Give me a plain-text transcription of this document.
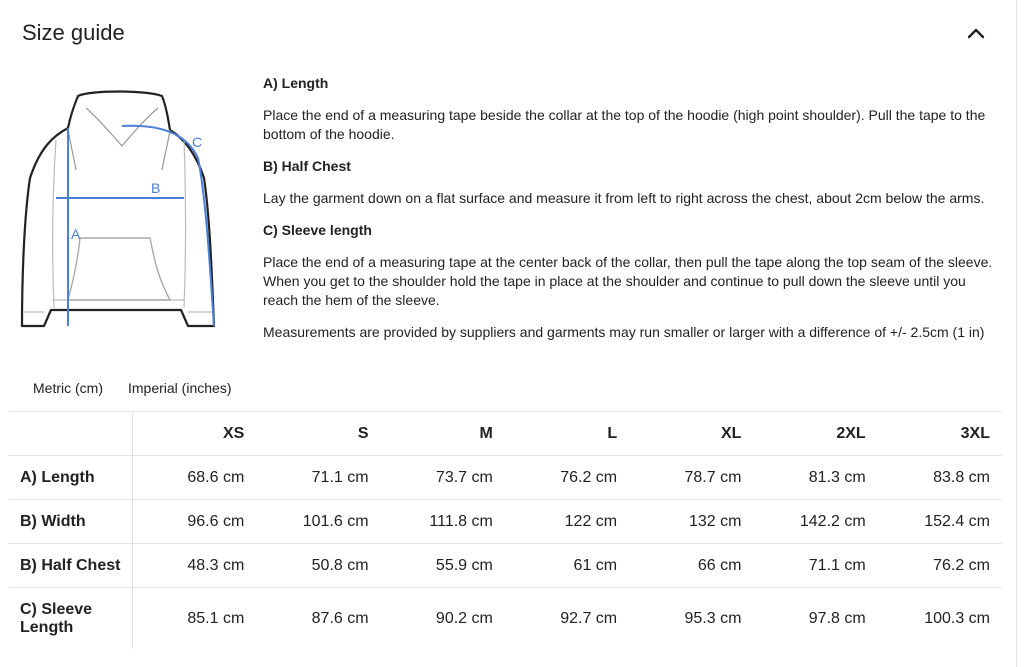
Size guide
A
B
C
A) Length
Place the end of a measuring tape beside the collar at the top of the hoodie (high point shoulder). Pull the tape to the bottom of the hoodie.
B) Half Chest
Lay the garment down on a flat surface and measure it from left to right across the chest, about 2cm below the arms.
C) Sleeve length
Place the end of a measuring tape at the center back of the collar, then pull the tape along the top seam of the sleeve. When you get to the shoulder hold the tape in place at the shoulder and continue to pull down the sleeve until you reach the hem of the sleeve.
Measurements are provided by suppliers and garments may run smaller or larger with a difference of +/- 2.5cm (1 in)
Metric (cm) Imperial (inches)
	XS	S	M	L	XL	2XL	3XL
A) Length	68.6 cm	71.1 cm	73.7 cm	76.2 cm	78.7 cm	81.3 cm	83.8 cm
B) Width	96.6 cm	101.6 cm	111.8 cm	122 cm	132 cm	142.2 cm	152.4 cm
B) Half Chest	48.3 cm	50.8 cm	55.9 cm	61 cm	66 cm	71.1 cm	76.2 cm
C) Sleeve Length	85.1 cm	87.6 cm	90.2 cm	92.7 cm	95.3 cm	97.8 cm	100.3 cm
